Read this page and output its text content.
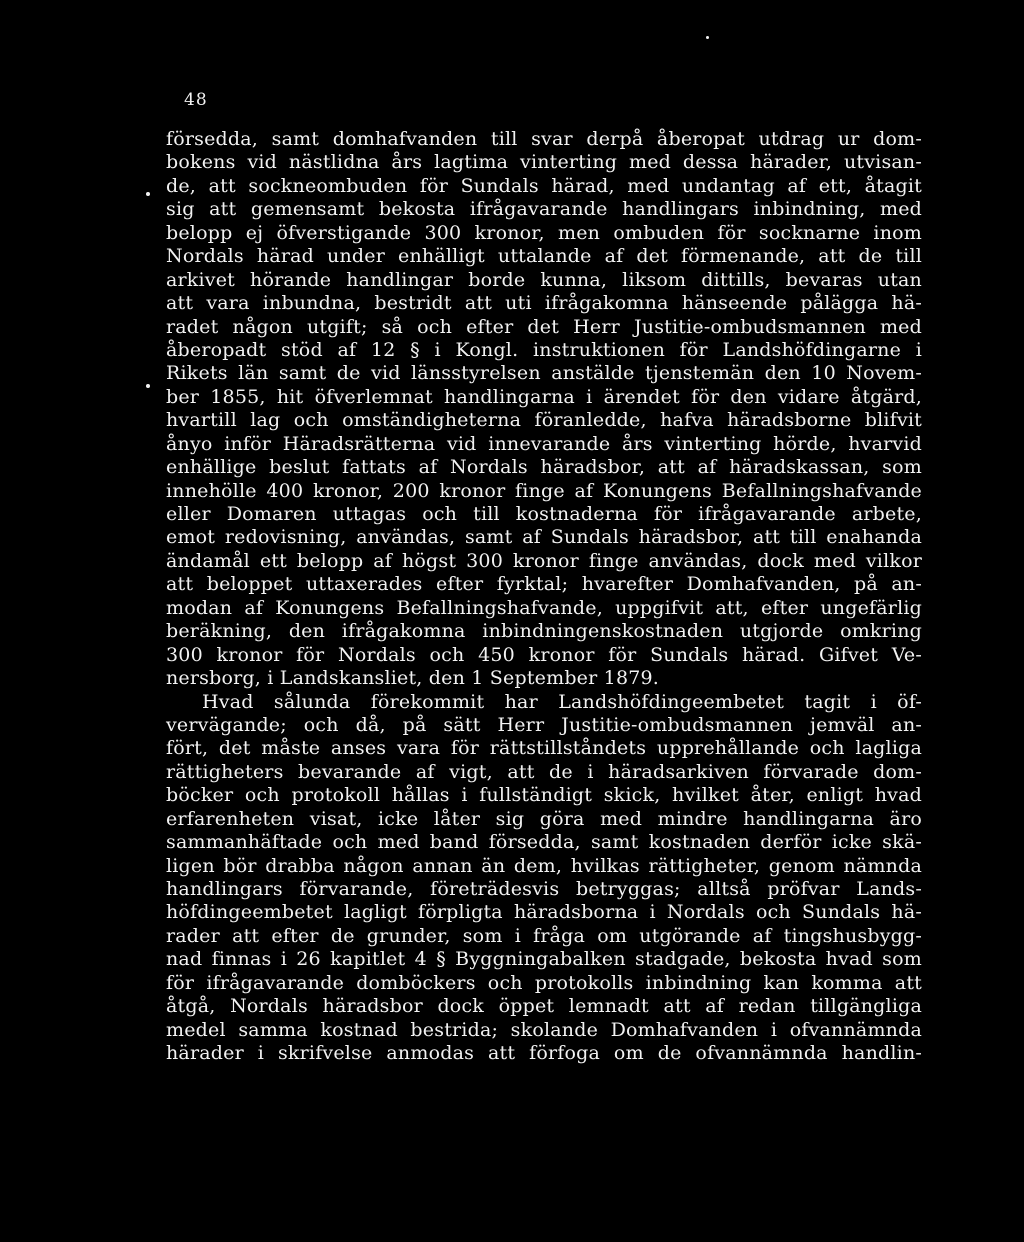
48
försedda, samt domhafvanden till svar derpå åberopat utdrag ur dom-
bokens vid nästlidna års lagtima vinterting med dessa härader, utvisan-
de, att sockneombuden för Sundals härad, med undantag af ett, åtagit
sig att gemensamt bekosta ifrågavarande handlingars inbindning, med
belopp ej öfverstigande 300 kronor, men ombuden för socknarne inom
Nordals härad under enhälligt uttalande af det förmenande, att de till
arkivet hörande handlingar borde kunna, liksom dittills, bevaras utan
att vara inbundna, bestridt att uti ifrågakomna hänseende pålägga hä-
radet någon utgift; så och efter det Herr Justitie-ombudsmannen med
åberopadt stöd af 12 § i Kongl. instruktionen för Landshöfdingarne i
Rikets län samt de vid länsstyrelsen anstälde tjenstemän den 10 Novem-
ber 1855, hit öfverlemnat handlingarna i ärendet för den vidare åtgärd,
hvartill lag och omständigheterna föranledde, hafva häradsborne blifvit
ånyo inför Häradsrätterna vid innevarande års vinterting hörde, hvarvid
enhällige beslut fattats af Nordals häradsbor, att af häradskassan, som
innehölle 400 kronor, 200 kronor finge af Konungens Befallningshafvande
eller Domaren uttagas och till kostnaderna för ifrågavarande arbete,
emot redovisning, användas, samt af Sundals häradsbor, att till enahanda
ändamål ett belopp af högst 300 kronor finge användas, dock med vilkor
att beloppet uttaxerades efter fyrktal; hvarefter Domhafvanden, på an-
modan af Konungens Befallningshafvande, uppgifvit att, efter ungefärlig
beräkning, den ifrågakomna inbindningenskostnaden utgjorde omkring
300 kronor för Nordals och 450 kronor för Sundals härad. Gifvet Ve-
nersborg, i Landskansliet, den 1 September 1879.
Hvad sålunda förekommit har Landshöfdingeembetet tagit i öf-
vervägande; och då, på sätt Herr Justitie-ombudsmannen jemväl an-
fört, det måste anses vara för rättstillståndets upprehållande och lagliga
rättigheters bevarande af vigt, att de i häradsarkiven förvarade dom-
böcker och protokoll hållas i fullständigt skick, hvilket åter, enligt hvad
erfarenheten visat, icke låter sig göra med mindre handlingarna äro
sammanhäftade och med band försedda, samt kostnaden derför icke skä-
ligen bör drabba någon annan än dem, hvilkas rättigheter, genom nämnda
handlingars förvarande, företrädesvis betryggas; alltså pröfvar Lands-
höfdingeembetet lagligt förpligta häradsborna i Nordals och Sundals hä-
rader att efter de grunder, som i fråga om utgörande af tingshusbygg-
nad finnas i 26 kapitlet 4 § Byggningabalken stadgade, bekosta hvad som
för ifrågavarande domböckers och protokolls inbindning kan komma att
åtgå, Nordals häradsbor dock öppet lemnadt att af redan tillgängliga
medel samma kostnad bestrida; skolande Domhafvanden i ofvannämnda
härader i skrifvelse anmodas att förfoga om de ofvannämnda handlin-
